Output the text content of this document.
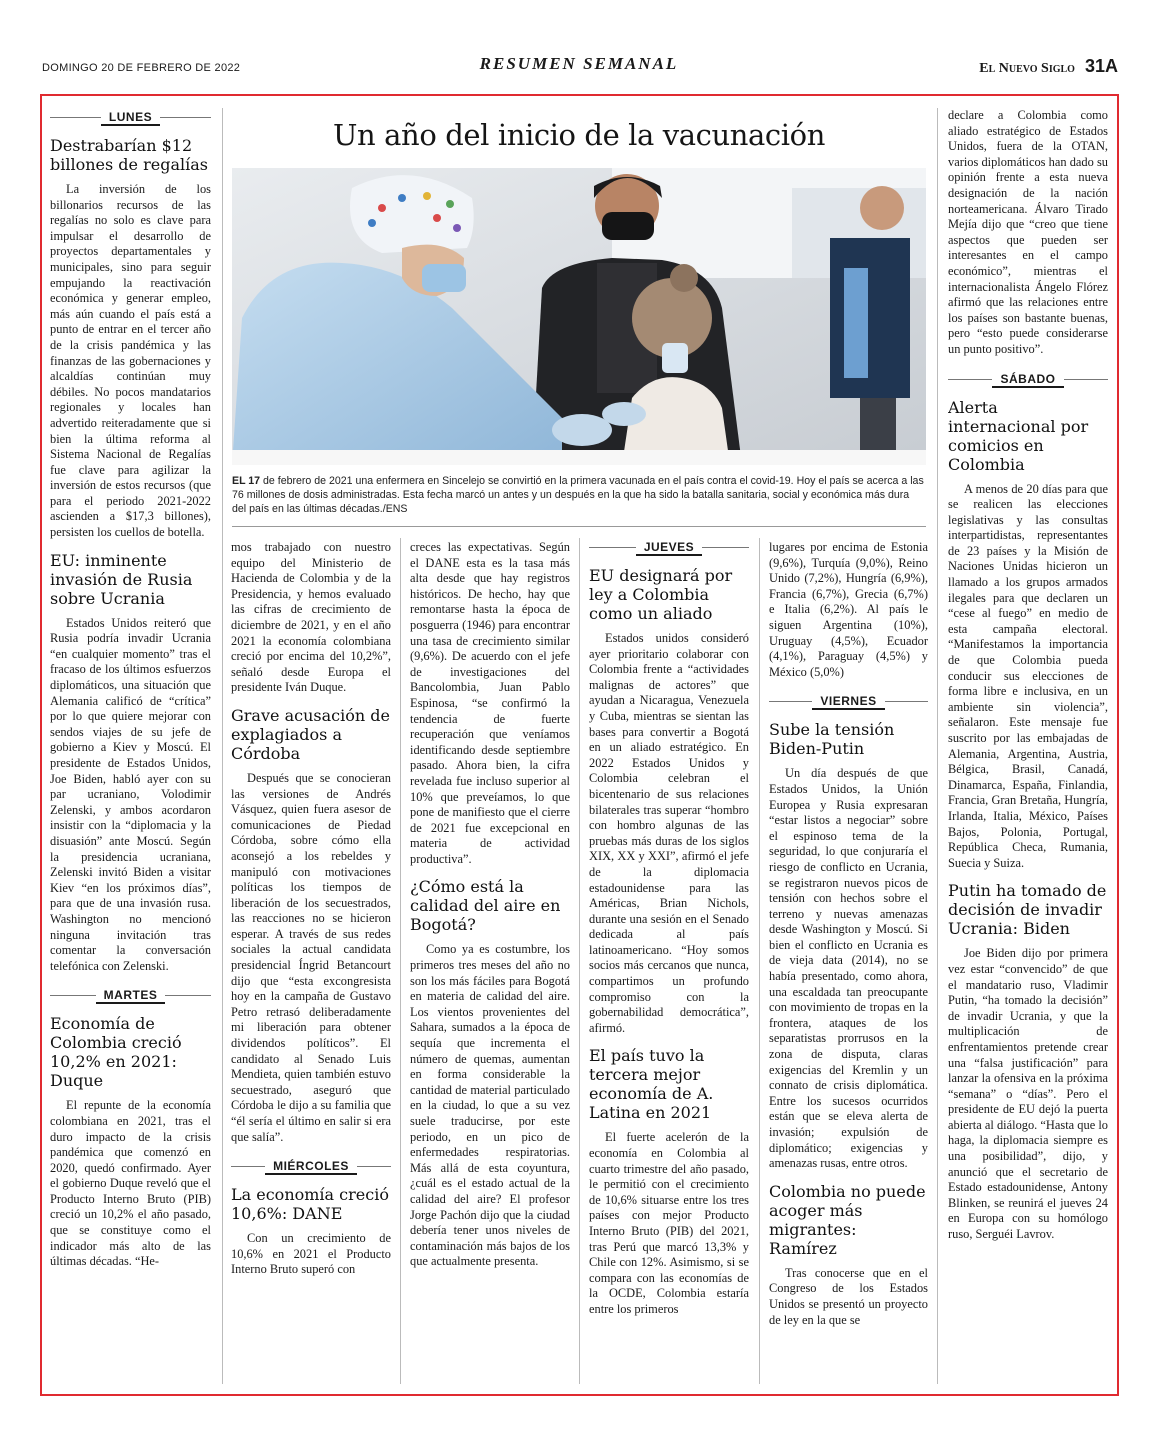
DOMINGO 20 DE FEBRERO DE 2022	RESUMEN SEMANAL	El Nuevo Siglo 31A
LUNES
Destrabarían $12 billones de regalías

La inversión de los billonarios recursos de las regalías no solo es clave para impulsar el desarrollo de proyectos departamentales y municipales, sino para seguir empujando la reactivación económica y generar empleo, más aún cuando el país está a punto de entrar en el tercer año de la crisis pandémica y las finanzas de las gobernaciones y alcaldías continúan muy débiles. No pocos mandatarios regionales y locales han advertido reiteradamente que si bien la última reforma al Sistema Nacional de Regalías fue clave para agilizar la inversión de estos recursos (que para el periodo 2021-2022 ascienden a $17,3 billones), persisten los cuellos de botella.

EU: inminente invasión de Rusia sobre Ucrania

Estados Unidos reiteró que Rusia podría invadir Ucrania “en cualquier momento” tras el fracaso de los últimos esfuerzos diplomáticos, una situación que Alemania calificó de “crítica” por lo que quiere mejorar con sendos viajes de su jefe de gobierno a Kiev y Moscú. El presidente de Estados Unidos, Joe Biden, habló ayer con su par ucraniano, Volodimir Zelenski, y ambos acordaron insistir con la “diplomacia y la disuasión” ante Moscú. Según la presidencia ucraniana, Zelenski invitó Biden a visitar Kiev “en los próximos días”, para que de una invasión rusa. Washington no mencionó ninguna invitación tras comentar la conversación telefónica con Zelenski.

MARTES
Economía de Colombia creció 10,2% en 2021: Duque

El repunte de la economía colombiana en 2021, tras el duro impacto de la crisis pandémica que comenzó en 2020, quedó confirmado. Ayer el gobierno Duque reveló que el Producto Interno Bruto (PIB) creció un 10,2% el año pasado, que se constituye como el indicador más alto de las últimas décadas. “He-

Un año del inicio de la vacunación
EL 17 de febrero de 2021 una enfermera en Sincelejo se convirtió en la primera vacunada en el país contra el covid-19. Hoy el país se acerca a las 76 millones de dosis administradas. Esta fecha marcó un antes y un después en la que ha sido la batalla sanitaria, social y económica más dura del país en las últimas décadas./ENS

mos trabajado con nuestro equipo del Ministerio de Hacienda de Colombia y de la Presidencia, y hemos evaluado las cifras de crecimiento de diciembre de 2021, y en el año 2021 la economía colombiana creció por encima del 10,2%”, señaló desde Europa el presidente Iván Duque.

Grave acusación de explagiados a Córdoba

Después que se conocieran las versiones de Andrés Vásquez, quien fuera asesor de comunicaciones de Piedad Córdoba, sobre cómo ella aconsejó a los rebeldes y manipuló con motivaciones políticas los tiempos de liberación de los secuestrados, las reacciones no se hicieron esperar. A través de sus redes sociales la actual candidata presidencial Íngrid Betancourt dijo que “esta excongresista hoy en la campaña de Gustavo Petro retrasó deliberadamente mi liberación para obtener dividendos políticos”. El candidato al Senado Luis Mendieta, quien también estuvo secuestrado, aseguró que Córdoba le dijo a su familia que “él sería el último en salir si era que salía”.

MIÉRCOLES
La economía creció 10,6%: DANE

Con un crecimiento de 10,6% en 2021 el Producto Interno Bruto superó con

creces las expectativas. Según el DANE esta es la tasa más alta desde que hay registros históricos. De hecho, hay que remontarse hasta la época de posguerra (1946) para encontrar una tasa de crecimiento similar (9,6%). De acuerdo con el jefe de investigaciones del Bancolombia, Juan Pablo Espinosa, “se confirmó la tendencia de fuerte recuperación que veníamos identificando desde septiembre pasado. Ahora bien, la cifra revelada fue incluso superior al 10% que preveíamos, lo que pone de manifiesto que el cierre de 2021 fue excepcional en materia de actividad productiva”.

¿Cómo está la calidad del aire en Bogotá?

Como ya es costumbre, los primeros tres meses del año no son los más fáciles para Bogotá en materia de calidad del aire. Los vientos provenientes del Sahara, sumados a la época de sequía que incrementa el número de quemas, aumentan en forma considerable la cantidad de material particulado en la ciudad, lo que a su vez suele traducirse, por este periodo, en un pico de enfermedades respiratorias. Más allá de esta coyuntura, ¿cuál es el estado actual de la calidad del aire? El profesor Jorge Pachón dijo que la ciudad debería tener unos niveles de contaminación más bajos de los que actualmente presenta.

JUEVES
EU designará por ley a Colombia como un aliado

Estados unidos consideró ayer prioritario colaborar con Colombia frente a “actividades malignas de actores” que ayudan a Nicaragua, Venezuela y Cuba, mientras se sientan las bases para convertir a Bogotá en un aliado estratégico. En 2022 Estados Unidos y Colombia celebran el bicentenario de sus relaciones bilaterales tras superar “hombro con hombro algunas de las pruebas más duras de los siglos XIX, XX y XXI”, afirmó el jefe de la diplomacia estadounidense para las Américas, Brian Nichols, durante una sesión en el Senado dedicada al país latinoamericano. “Hoy somos socios más cercanos que nunca, compartimos un profundo compromiso con la gobernabilidad democrática”, afirmó.

El país tuvo la tercera mejor economía de A. Latina en 2021

El fuerte acelerón de la economía en Colombia al cuarto trimestre del año pasado, le permitió con el crecimiento de 10,6% situarse entre los tres países con mejor Producto Interno Bruto (PIB) del 2021, tras Perú que marcó 13,3% y Chile con 12%. Asimismo, si se compara con las economías de la OCDE, Colombia estaría entre los primeros

lugares por encima de Estonia (9,6%), Turquía (9,0%), Reino Unido (7,2%), Hungría (6,9%), Francia (6,7%), Grecia (6,7%) e Italia (6,2%). Al país le siguen Argentina (10%), Uruguay (4,5%), Ecuador (4,1%), Paraguay (4,5%) y México (5,0%)

VIERNES
Sube la tensión Biden-Putin

Un día después de que Estados Unidos, la Unión Europea y Rusia expresaran “estar listos a negociar” sobre el espinoso tema de la seguridad, lo que conjuraría el riesgo de conflicto en Ucrania, se registraron nuevos picos de tensión con hechos sobre el terreno y nuevas amenazas desde Washington y Moscú. Si bien el conflicto en Ucrania es de vieja data (2014), no se había presentado, como ahora, una escaldada tan preocupante con movimiento de tropas en la frontera, ataques de los separatistas prorrusos en la zona de disputa, claras exigencias del Kremlin y un connato de crisis diplomática. Entre los sucesos ocurridos están que se eleva alerta de invasión; expulsión de diplomático; exigencias y amenazas rusas, entre otros.

Colombia no puede acoger más migrantes: Ramírez

Tras conocerse que en el Congreso de los Estados Unidos se presentó un proyecto de ley en la que se

declare a Colombia como aliado estratégico de Estados Unidos, fuera de la OTAN, varios diplomáticos han dado su opinión frente a esta nueva designación de la nación norteamericana. Álvaro Tirado Mejía dijo que “creo que tiene aspectos que pueden ser interesantes en el campo económico”, mientras el internacionalista Ángelo Flórez afirmó que las relaciones entre los países son bastante buenas, pero “esto puede considerarse un punto positivo”.

SÁBADO
Alerta internacional por comicios en Colombia

A menos de 20 días para que se realicen las elecciones legislativas y las consultas interpartidistas, representantes de 23 países y la Misión de Naciones Unidas hicieron un llamado a los grupos armados ilegales para que declaren un “cese al fuego” en medio de esta campaña electoral. “Manifestamos la importancia de que Colombia pueda conducir sus elecciones de forma libre e inclusiva, en un ambiente sin violencia”, señalaron. Este mensaje fue suscrito por las embajadas de Alemania, Argentina, Austria, Bélgica, Brasil, Canadá, Dinamarca, España, Finlandia, Francia, Gran Bretaña, Hungría, Irlanda, Italia, México, Países Bajos, Polonia, Portugal, República Checa, Rumania, Suecia y Suiza.

Putin ha tomado de decisión de invadir Ucrania: Biden

Joe Biden dijo por primera vez estar “convencido” de que el mandatario ruso, Vladimir Putin, “ha tomado la decisión” de invadir Ucrania, y que la multiplicación de enfrentamientos pretende crear una “falsa justificación” para lanzar la ofensiva en la próxima “semana” o “días”. Pero el presidente de EU dejó la puerta abierta al diálogo. “Hasta que lo haga, la diplomacia siempre es una posibilidad”, dijo, y anunció que el secretario de Estado estadounidense, Antony Blinken, se reunirá el jueves 24 en Europa con su homólogo ruso, Serguéi Lavrov.
